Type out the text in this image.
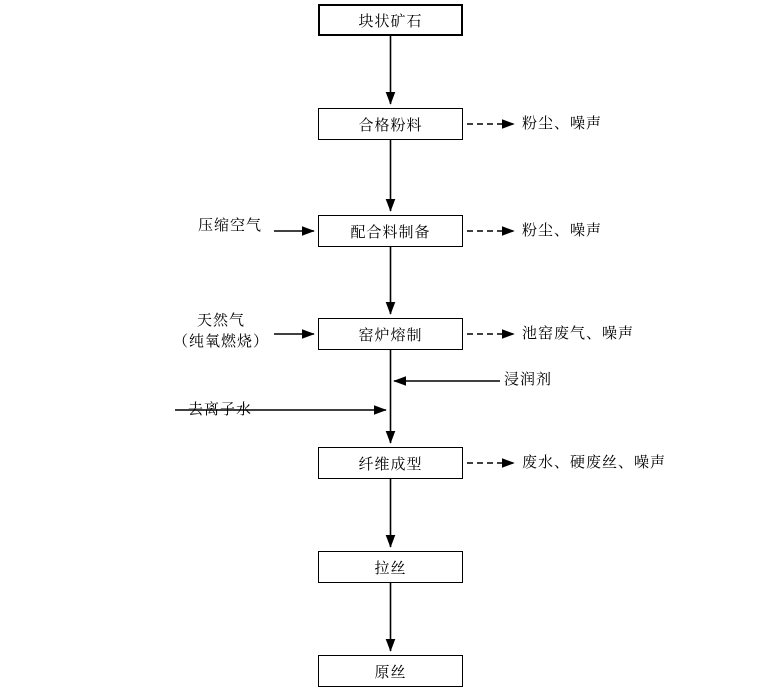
块状矿石
合格粉料
配合料制备
窑炉熔制
纤维成型
拉丝
原丝
压缩空气
天然气
（纯氧燃烧）
浸润剂
去离子水
粉尘、噪声
粉尘、噪声
池窑废气、噪声
废水、硬废丝、噪声
